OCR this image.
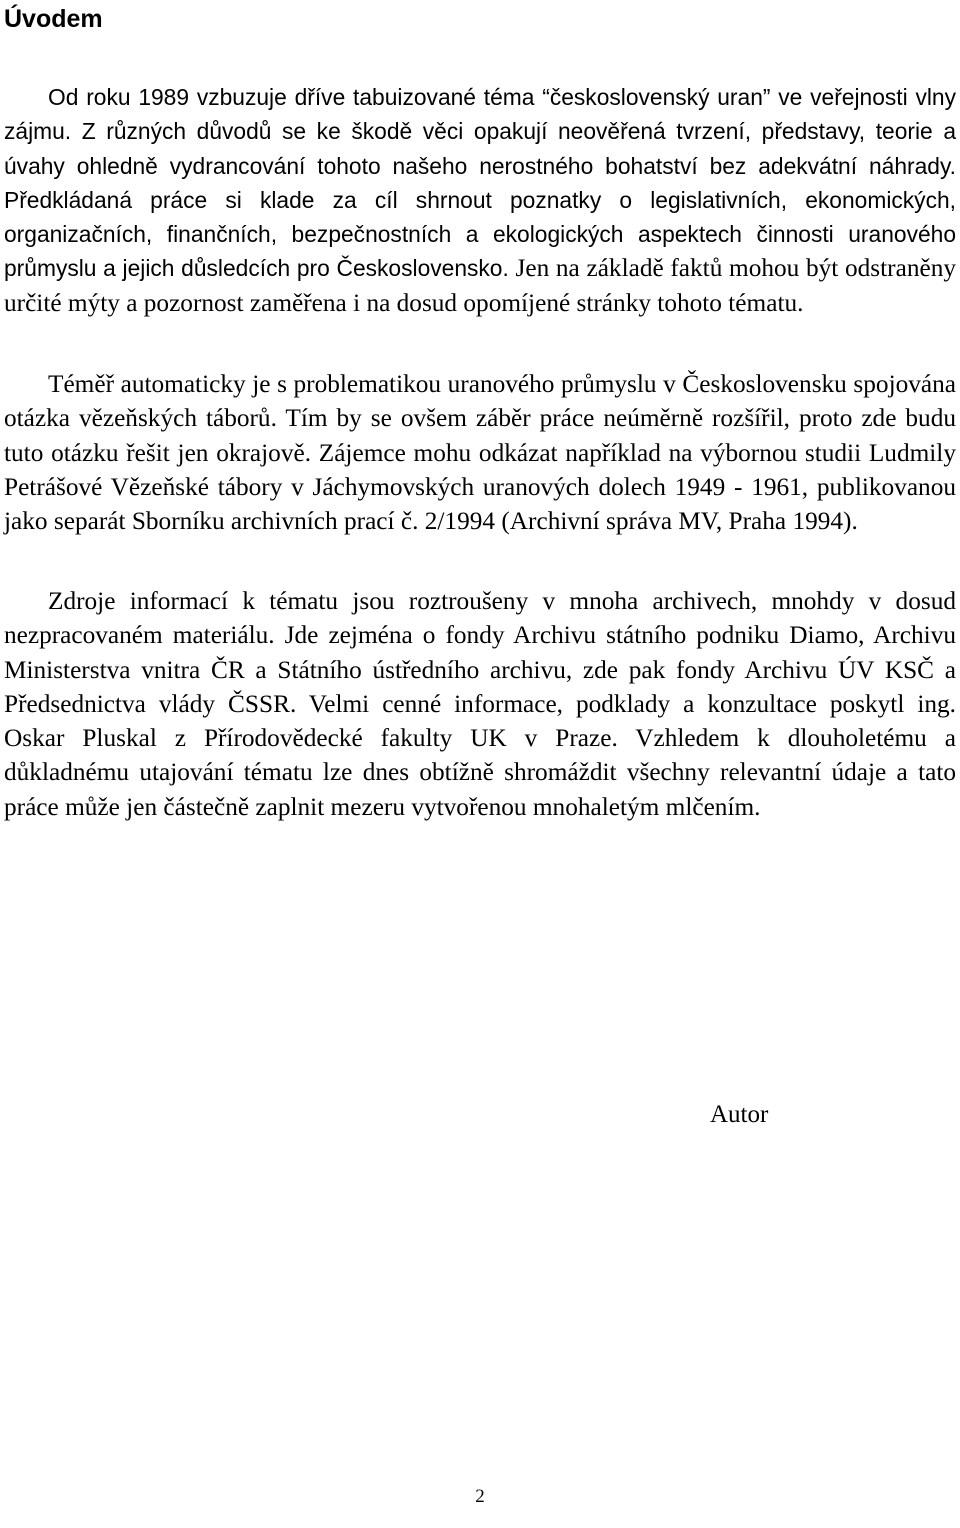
Úvodem

Od roku 1989 vzbuzuje dříve tabuizované téma “československý uran” ve veřejnosti vlny zájmu. Z různých důvodů se ke škodě věci opakují neověřená tvrzení, představy, teorie a úvahy ohledně vydrancování tohoto našeho nerostného bohatství bez adekvátní náhrady. Předkládaná práce si klade za cíl shrnout poznatky o legislativních, ekonomických, organizačních, finančních, bezpečnostních a ekologických aspektech činnosti uranového průmyslu a jejich důsledcích pro Československo. Jen na základě faktů mohou být odstraněny určité mýty a pozornost zaměřena i na dosud opomíjené stránky tohoto tématu.

Téměř automaticky je s problematikou uranového průmyslu v Československu spojována otázka vězeňských táborů. Tím by se ovšem záběr práce neúměrně rozšířil, proto zde budu tuto otázku řešit jen okrajově. Zájemce mohu odkázat například na výbornou studii Ludmily Petrášové Vězeňské tábory v Jáchymovských uranových dolech 1949 - 1961, publikovanou jako separát Sborníku archivních prací č. 2/1994 (Archivní správa MV, Praha 1994).

Zdroje informací k tématu jsou roztroušeny v mnoha archivech, mnohdy v dosud nezpracovaném materiálu. Jde zejména o fondy Archivu státního podniku Diamo, Archivu Ministerstva vnitra ČR a Státního ústředního archivu, zde pak fondy Archivu ÚV KSČ a Předsednictva vlády ČSSR. Velmi cenné informace, podklady a konzultace poskytl ing. Oskar Pluskal z Přírodovědecké fakulty UK v Praze. Vzhledem k dlouholetému a důkladnému utajování tématu lze dnes obtížně shromáždit všechny relevantní údaje a tato práce může jen částečně zaplnit mezeru vytvořenou mnohaletým mlčením.

Autor

2
